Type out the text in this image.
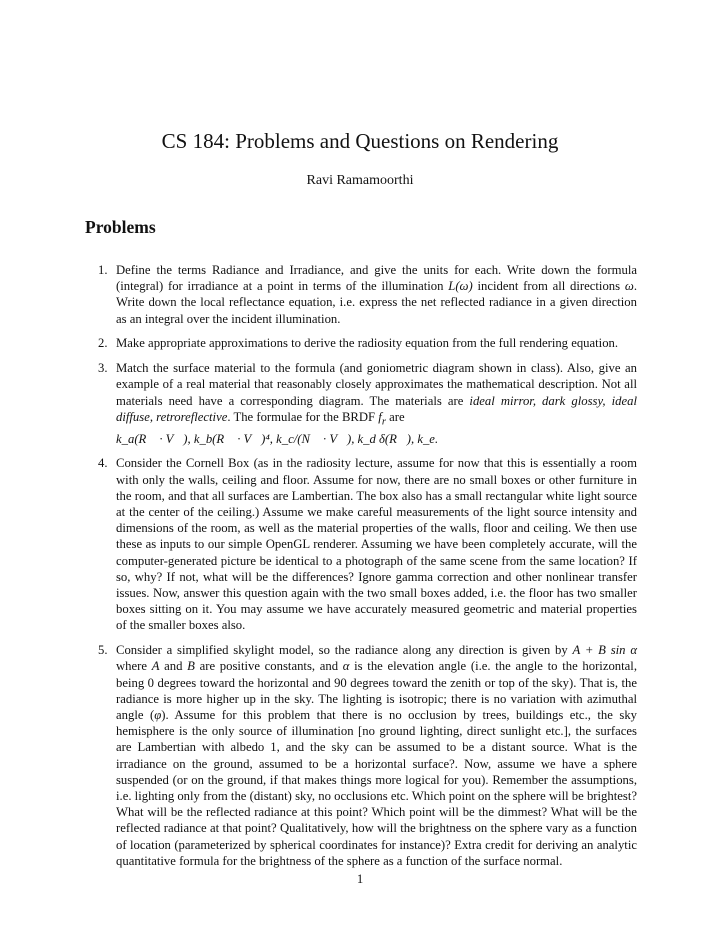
CS 184: Problems and Questions on Rendering
Ravi Ramamoorthi
Problems
1. Define the terms Radiance and Irradiance, and give the units for each. Write down the formula (integral) for irradiance at a point in terms of the illumination L(ω) incident from all directions ω. Write down the local reflectance equation, i.e. express the net reflected radiance in a given direction as an integral over the incident illumination.
2. Make appropriate approximations to derive the radiosity equation from the full rendering equation.
3. Match the surface material to the formula (and goniometric diagram shown in class). Also, give an example of a real material that reasonably closely approximates the mathematical description. Not all materials need have a corresponding diagram. The materials are ideal mirror, dark glossy, ideal diffuse, retroreflective. The formulae for the BRDF $f_r$ are
k_a(R⃗ · V⃗), k_b(R⃗ · V⃗)⁴, k_c/(N⃗ · V⃗), k_d δ(R⃗), k_e.
4. Consider the Cornell Box (as in the radiosity lecture, assume for now that this is essentially a room with only the walls, ceiling and floor. Assume for now, there are no small boxes or other furniture in the room, and that all surfaces are Lambertian. The box also has a small rectangular white light source at the center of the ceiling.) Assume we make careful measurements of the light source intensity and dimensions of the room, as well as the material properties of the walls, floor and ceiling. We then use these as inputs to our simple OpenGL renderer. Assuming we have been completely accurate, will the computer-generated picture be identical to a photograph of the same scene from the same location? If so, why? If not, what will be the differences? Ignore gamma correction and other nonlinear transfer issues. Now, answer this question again with the two small boxes added, i.e. the floor has two smaller boxes sitting on it. You may assume we have accurately measured geometric and material properties of the smaller boxes also.
5. Consider a simplified skylight model, so the radiance along any direction is given by A + B sin α where A and B are positive constants, and α is the elevation angle (i.e. the angle to the horizontal, being 0 degrees toward the horizontal and 90 degrees toward the zenith or top of the sky). That is, the radiance is more higher up in the sky. The lighting is isotropic; there is no variation with azimuthal angle (φ). Assume for this problem that there is no occlusion by trees, buildings etc., the sky hemisphere is the only source of illumination [no ground lighting, direct sunlight etc.], the surfaces are Lambertian with albedo 1, and the sky can be assumed to be a distant source. What is the irradiance on the ground, assumed to be a horizontal surface?. Now, assume we have a sphere suspended (or on the ground, if that makes things more logical for you). Remember the assumptions, i.e. lighting only from the (distant) sky, no occlusions etc. Which point on the sphere will be brightest? What will be the reflected radiance at this point? Which point will be the dimmest? What will be the reflected radiance at that point? Qualitatively, how will the brightness on the sphere vary as a function of location (parameterized by spherical coordinates for instance)? Extra credit for deriving an analytic quantitative formula for the brightness of the sphere as a function of the surface normal.
1
